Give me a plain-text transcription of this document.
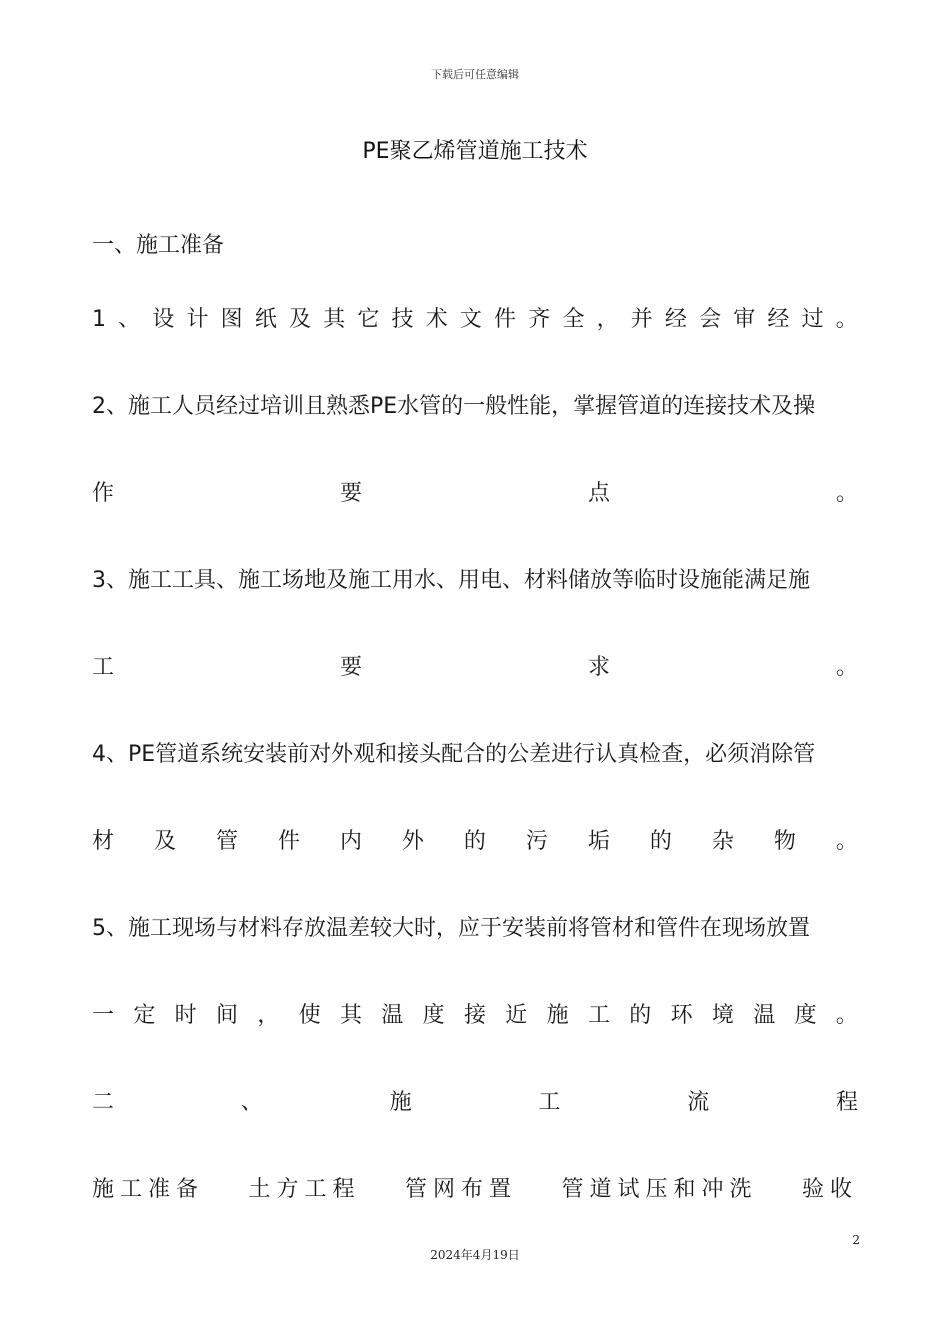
下载后可任意编辑
PE聚乙烯管道施工技术
一、施工准备
1 、 设 计 图 纸 及 其 它 技 术 文 件 齐 全 ， 并 经 会 审 经 过 。
2、施工人员经过培训且熟悉PE水管的一般性能，掌握管道的连接技术及操
作	要	点	。
3、施工工具、施工场地及施工用水、用电、材料储放等临时设施能满足施
工	要	求	。
4、PE管道系统安装前对外观和接头配合的公差进行认真检查，必须消除管
材 及 管 件 内 外 的 污 垢 的 杂 物 。
5、施工现场与材料存放温差较大时，应于安装前将管材和管件在现场放置
一 定 时 间 ， 使 其 温 度 接 近 施 工 的 环 境 温 度 。
二	、	施	工	流	程
施工准备 土方工程 管网布置 管道试压和冲洗 验收
2
2024年4月19日
